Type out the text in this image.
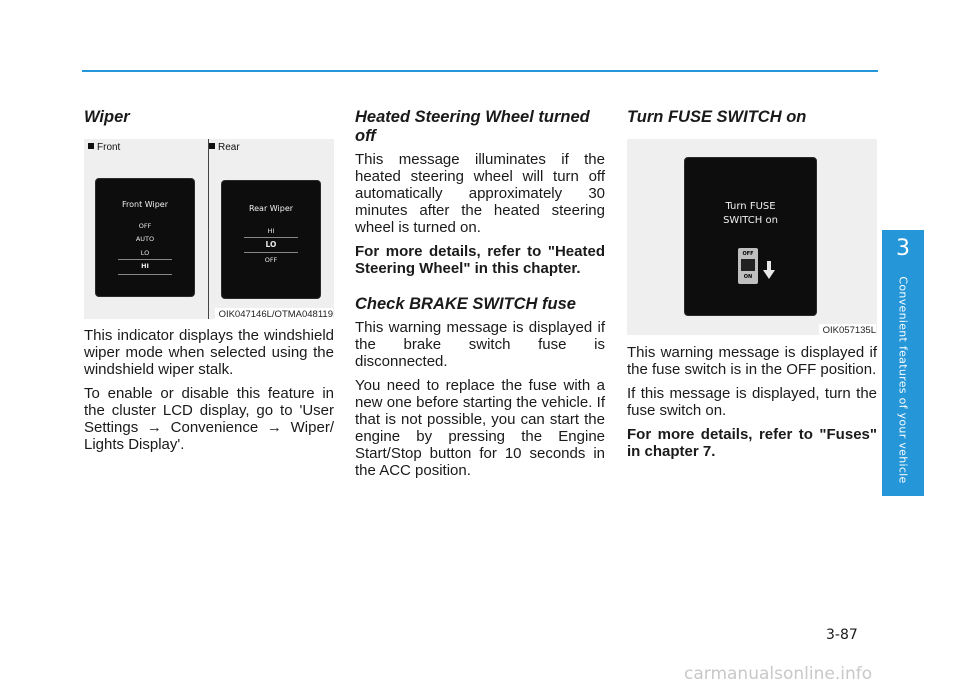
Wiper
Front	Rear
Front Wiper
OFF
AUTO
LO
HI
Rear Wiper
HI
LO
OFF
OIK047146L/OTMA048119

This indicator displays the windshield wiper mode when selected using the windshield wiper stalk.

To enable or disable this feature in the cluster LCD display, go to 'User Settings → Convenience → Wiper/ Lights Display'.

Heated Steering Wheel turned off

This message illuminates if the heated steering wheel will turn off automatically approximately 30 minutes after the heated steering wheel is turned on.

For more details, refer to "Heated Steering Wheel" in this chapter.

Check BRAKE SWITCH fuse

This warning message is displayed if the brake switch fuse is disconnected.

You need to replace the fuse with a new one before starting the vehicle. If that is not possible, you can start the engine by pressing the Engine Start/Stop button for 10 seconds in the ACC position.

Turn FUSE SWITCH on
Turn FUSE
SWITCH on
OFF
ON
OIK057135L

This warning message is displayed if the fuse switch is in the OFF position.

If this message is displayed, turn the fuse switch on.

For more details, refer to "Fuses" in chapter 7.

3
Convenient features of your vehicle
3-87
carmanualsonline.info
